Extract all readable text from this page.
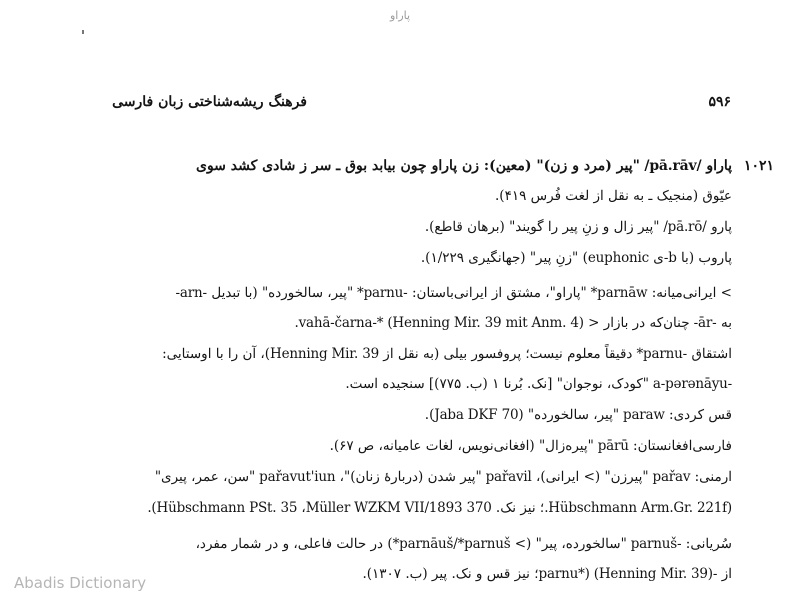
پاراو
فرهنگ ریشه‌شناختی زبان فارسی	۵۹۶
۱۰۲۱
پاراو /pā.rāv/ "پیر (مرد و زن)" (معین): زن پاراو چون بیابد بوق ـ سر ز شادی کشد سوی
عیّوق (منجیک ـ به نقل از لغت فُرس ۴۱۹).
پارو /pā.rō/ "پیر زال و زنِ پیر را گویند" (برهان قاطع).
پاروب (با b-ی euphonic) "زنِ پیر" (جهانگیری ۱/۲۲۹).
> ایرانی‌میانه: parnāw* "پاراو"، مشتق از ایرانی‌باستان: -parnu* "پیر، سالخورده" (با تبدیل -arn-
به -ār- چنان‌که در بازار < vahā-čarna-* (Henning Mir. 39 mit Anm. 4).
اشتقاق -parnu* دقیقاً معلوم نیست؛ پروفسور بیلی (به نقل از Henning Mir. 39)، آن را با اوستایی:
-a-pərənāyu "کودک، نوجوان" [نک. بُرنا ۱ (ب. ۷۷۵)] سنجیده است.
قس کردی: paraw "پیر، سالخورده" (Jaba DKF 70).
فارسی‌افغانستان: pārū "پیره‌زال" (افغانی‌نویس، لغات عامیانه، ص ۶۷).
ارمنی: pařav "پیرزن" (> ایرانی)، pařavil "پیر شدن (دربارهٔ زنان)"، pařavut'iun "سن، عمر، پیری"
(Hübschmann Arm.Gr. 221f.؛ نیز نک. Hübschmann PSt. 35 ،Müller WZKM VII/1893 370).
سُریانی: -parnuš "سالخورده، پیر" (> parnāuš/*parnuš*) در حالت فاعلی، و در شمار مفرد،
از -parnu*) (Henning Mir. 39)؛ نیز قس و نک. پیر (ب. ۱۳۰۷).
Abadis Dictionary
